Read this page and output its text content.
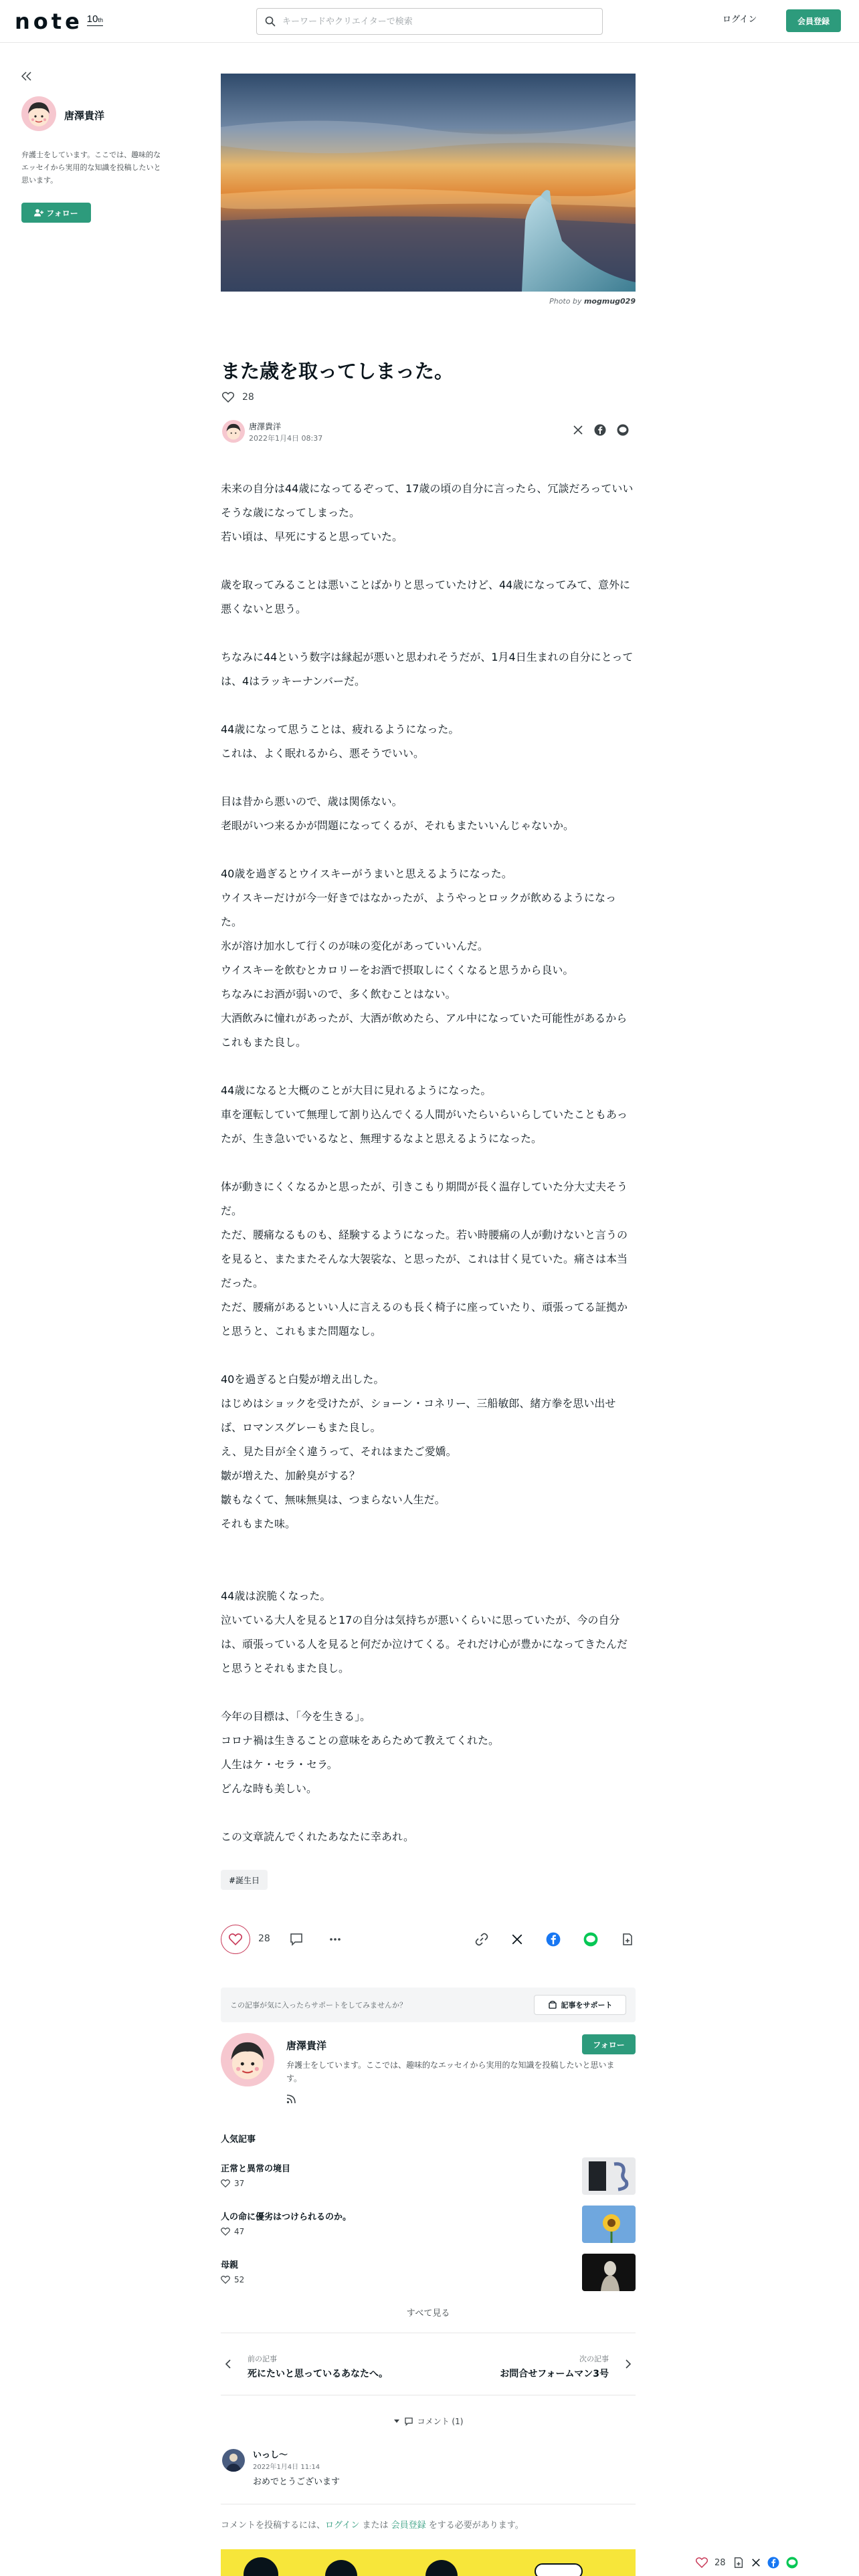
note 10th
キーワードやクリエイターで検索	ログイン	会員登録
唐澤貴洋
弁護士をしています。ここでは、趣味的なエッセイから実用的な知識を投稿したいと思います。
フォロー
Photo by mogmug029
また歳を取ってしまった。
28
唐澤貴洋
2022年1月4日 08:37

未来の自分は44歳になってるぞって、17歳の頃の自分に言ったら、冗談だろっていいそうな歳になってしまった。

若い頃は、早死にすると思っていた。

歳を取ってみることは悪いことばかりと思っていたけど、44歳になってみて、意外に悪くないと思う。

ちなみに44という数字は縁起が悪いと思われそうだが、1月4日生まれの自分にとっては、4はラッキーナンバーだ。

44歳になって思うことは、疲れるようになった。

これは、よく眠れるから、悪そうでいい。

目は昔から悪いので、歳は関係ない。

老眼がいつ来るかが問題になってくるが、それもまたいいんじゃないか。

40歳を過ぎるとウイスキーがうまいと思えるようになった。

ウイスキーだけが今一好きではなかったが、ようやっとロックが飲めるようになった。

氷が溶け加水して行くのが味の変化があっていいんだ。

ウイスキーを飲むとカロリーをお酒で摂取しにくくなると思うから良い。

ちなみにお酒が弱いので、多く飲むことはない。

大酒飲みに憧れがあったが、大酒が飲めたら、アル中になっていた可能性があるからこれもまた良し。

44歳になると大概のことが大目に見れるようになった。

車を運転していて無理して割り込んでくる人間がいたらいらいらしていたこともあったが、生き急いでいるなと、無理するなよと思えるようになった。

体が動きにくくなるかと思ったが、引きこもり期間が長く温存していた分大丈夫そうだ。

ただ、腰痛なるものも、経験するようになった。若い時腰痛の人が動けないと言うのを見ると、またまたそんな大袈裟な、と思ったが、これは甘く見ていた。痛さは本当だった。

ただ、腰痛があるといい人に言えるのも長く椅子に座っていたり、頑張ってる証拠かと思うと、これもまた問題なし。

40を過ぎると白髪が増え出した。

はじめはショックを受けたが、ショーン・コネリー、三船敏郎、緒方拳を思い出せば、ロマンスグレーもまた良し。

え、見た目が全く違うって、それはまたご愛嬌。

皺が増えた、加齢臭がする？

皺もなくて、無味無臭は、つまらない人生だ。

それもまた味。

44歳は涙脆くなった。

泣いている大人を見ると17の自分は気持ちが悪いくらいに思っていたが、今の自分は、頑張っている人を見ると何だか泣けてくる。それだけ心が豊かになってきたんだと思うとそれもまた良し。

今年の目標は、「今を生きる」。

コロナ禍は生きることの意味をあらためて教えてくれた。

人生はケ・セラ・セラ。

どんな時も美しい。

この文章読んでくれたあなたに幸あれ。

#誕生日
28
この記事が気に入ったらサポートをしてみませんか？	記事をサポート
唐澤貴洋
弁護士をしています。ここでは、趣味的なエッセイから実用的な知識を投稿したいと思います。
フォロー
人気記事
正常と異常の境目
37
人の命に優劣はつけられるのか。
47
母親
52
すべて見る
前の記事
死にたいと思っているあなたへ。
次の記事
お問合せフォームマン3号
コメント (1)
いっし〜
2022年1月4日 11:14
おめでとうございます
コメントを投稿するには、ログイン または 会員登録 をする必要があります。
28
